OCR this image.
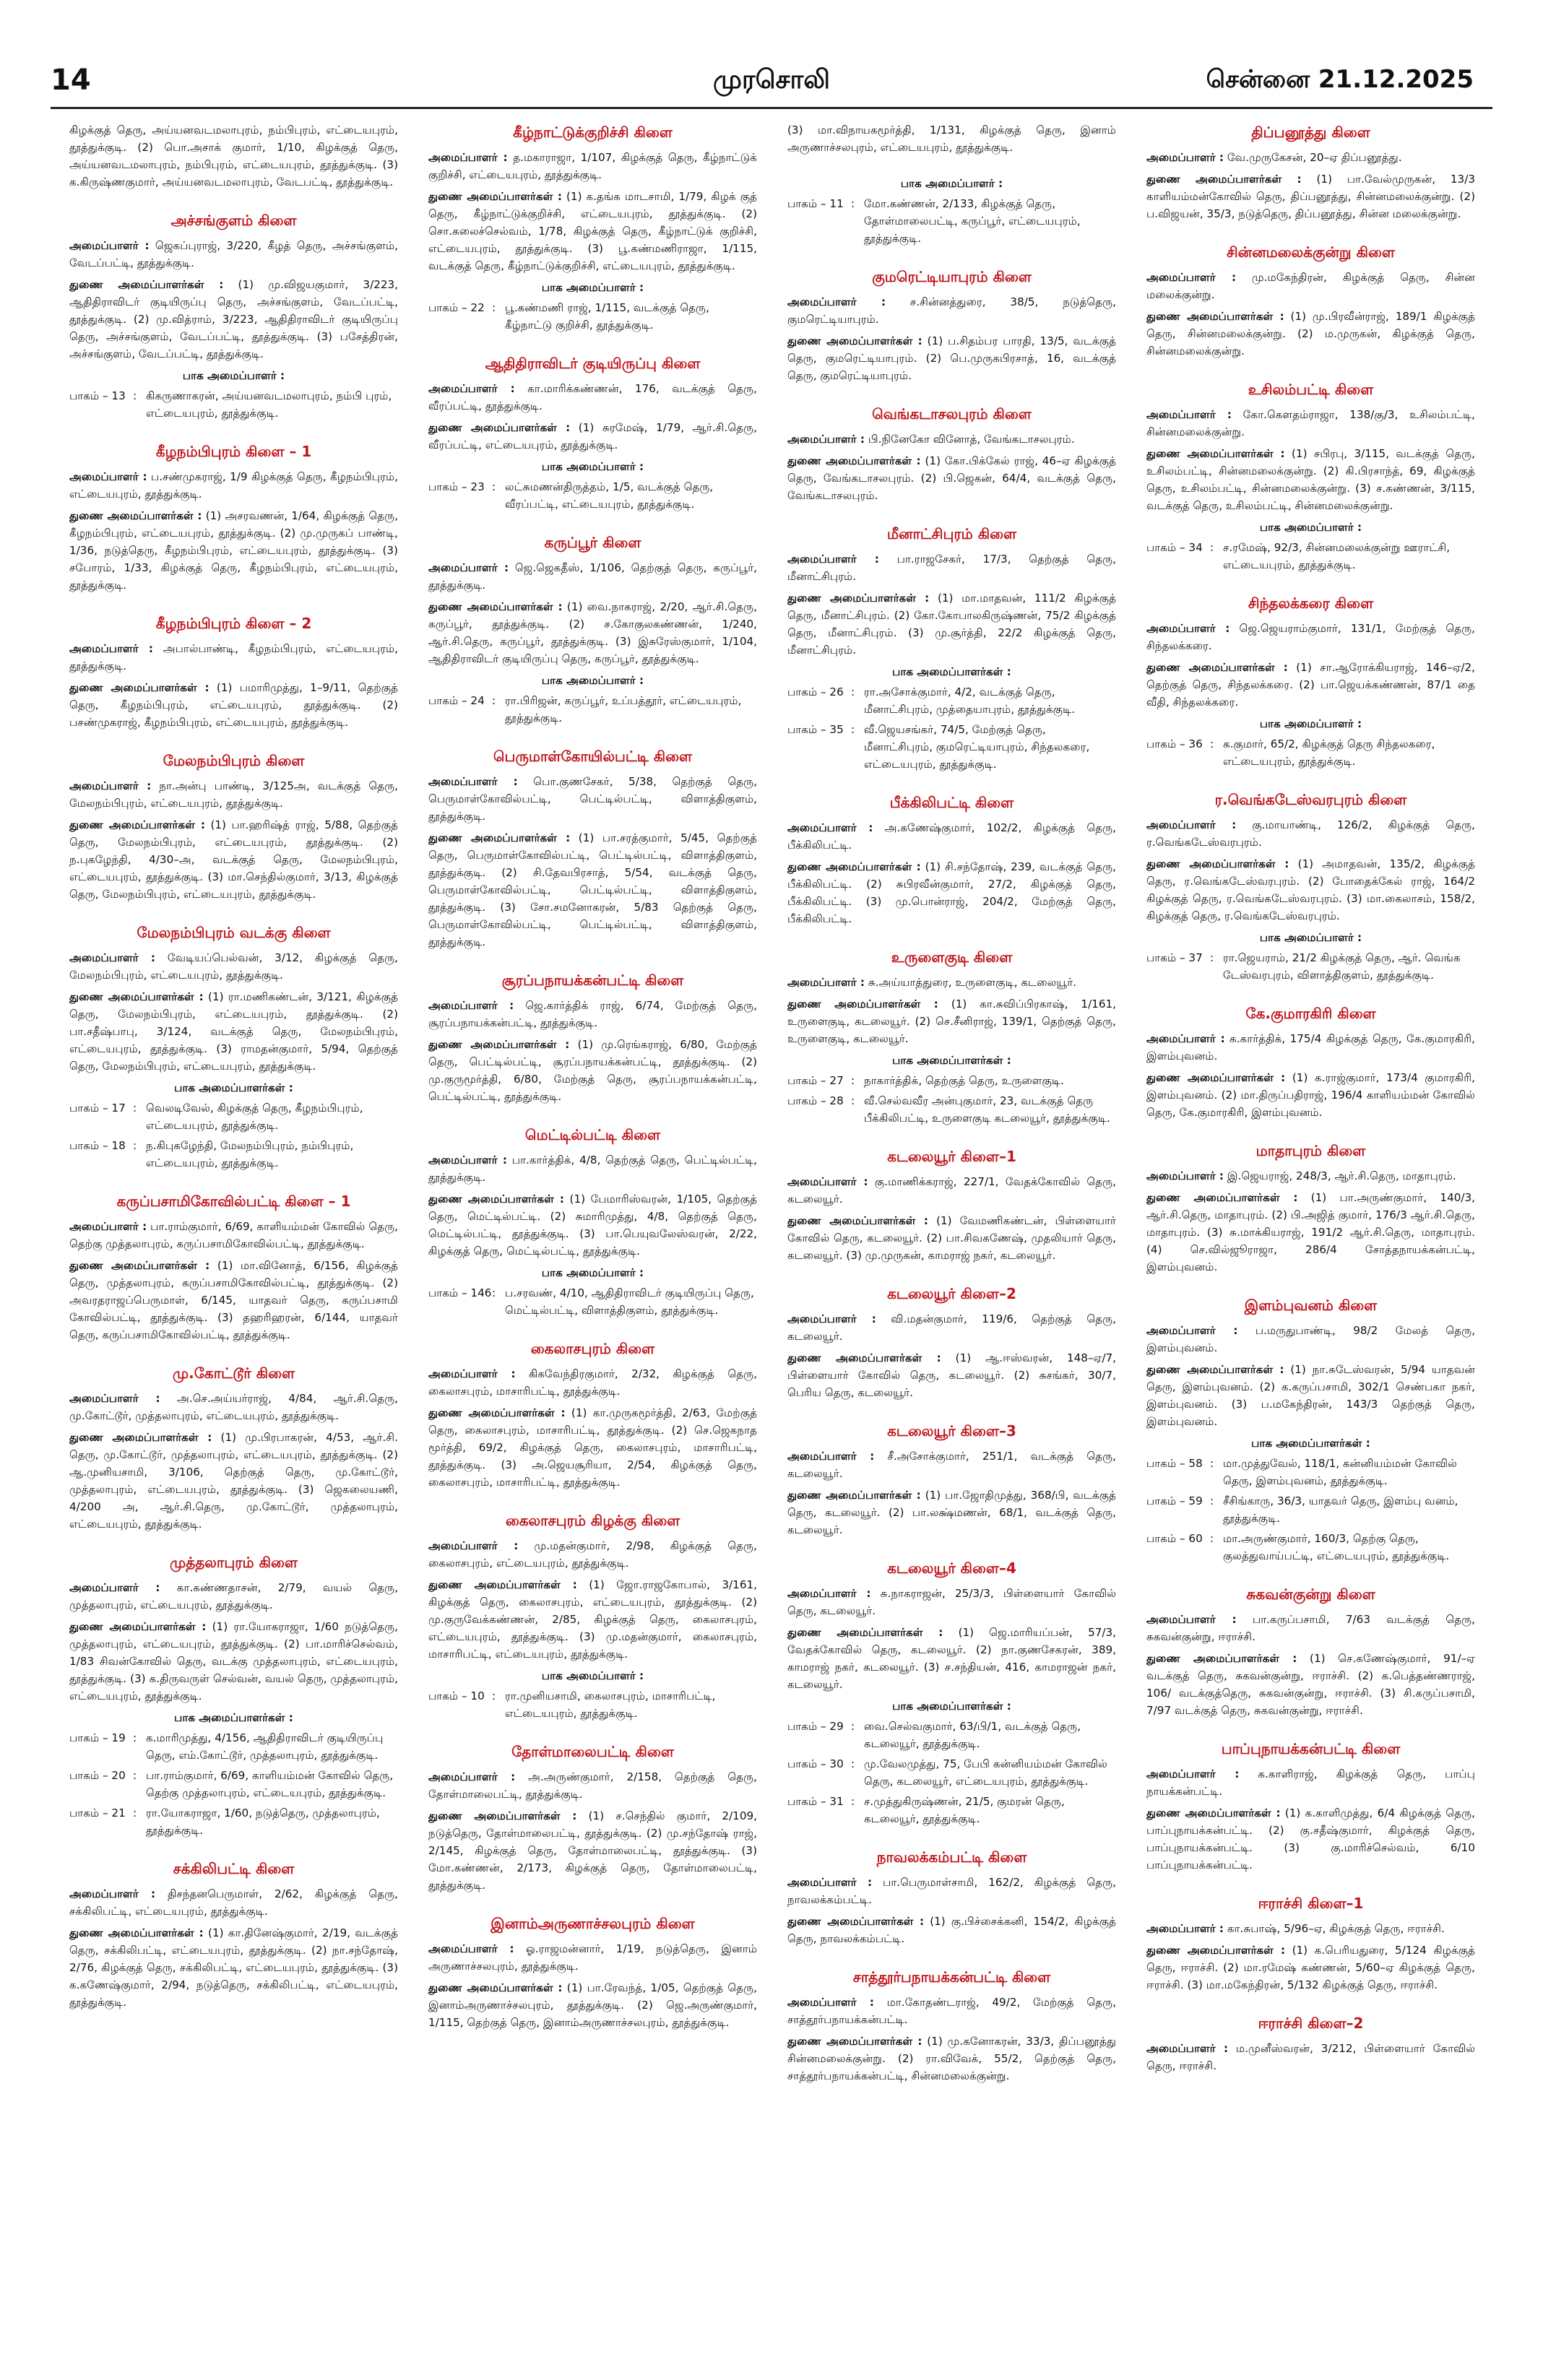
14	முரசொலி	சென்னை 21.12.2025

கிழக்குத் தெரு, அய்யனவடமலாபுரம், நம்பிபுரம், எட்டையபுரம், தூத்துக்குடி. (2) பொ.அசாக் குமார், 1/10, கிழக்குத் தெரு, அய்யனவடமலாபுரம், நம்பிபுரம், எட்டையபுரம், தூத்துக்குடி. (3) க.கிருஷ்ணகுமார், அய்யனவடமலாபுரம், வேடபட்டி, தூத்துக்குடி.

அச்சங்குளம் கிளை

அமைப்பாளர் : ஜெகப்புராஜ், 3/220, கீழத் தெரு, அச்சங்குளம், வேடப்பட்டி, தூத்துக்குடி.

துணை அமைப்பாளர்கள் : (1) மு.விஜயகுமார், 3/223, ஆதிதிராவிடர் குடியிருப்பு தெரு, அச்சங்குளம், வேடப்பட்டி, தூத்துக்குடி. (2) மு.வித்ராம், 3/223, ஆதிதிராவிடர் குடியிருப்பு தெரு, அச்சங்குளம், வேடப்பட்டி, தூத்துக்குடி. (3) பசேத்திரன், அச்சங்குளம், வேடப்பட்டி, தூத்துக்குடி.

பாக அமைப்பாளர் :
பாகம் – 13 : கிகருணாகரன், அய்யனவடமலாபுரம், நம்பி புரம், எட்டையபுரம், தூத்துக்குடி.
கீழநம்பிபுரம் கிளை – 1

அமைப்பாளர் : ப.சண்முகராஜ், 1/9 கிழக்குத் தெரு, கீழநம்பிபுரம், எட்டையபுரம், தூத்துக்குடி.

துணை அமைப்பாளர்கள் : (1) அசரவணன், 1/64, கிழக்குத் தெரு, கீழநம்பிபுரம், எட்டையபுரம், தூத்துக்குடி. (2) மு.முருகப் பாண்டி, 1/36, நடுத்தெரு, கீழநம்பிபுரம், எட்டையபுரம், தூத்துக்குடி. (3) சபோரம், 1/33, கிழக்குத் தெரு, கீழநம்பிபுரம், எட்டையபுரம், தூத்துக்குடி.

கீழநம்பிபுரம் கிளை – 2

அமைப்பாளர் : அபால்பாண்டி, கீழநம்பிபுரம், எட்டையபுரம், தூத்துக்குடி.

துணை அமைப்பாளர்கள் : (1) பமாரிமுத்து, 1–9/11, தெற்குத் தெரு, கீழநம்பிபுரம், எட்டையபுரம், தூத்துக்குடி. (2) பசண்முகராஜ், கீழநம்பிபுரம், எட்டையபுரம், தூத்துக்குடி.

மேலநம்பிபுரம் கிளை

அமைப்பாளர் : நா.அன்பு பாண்டி, 3/125அ, வடக்குத் தெரு, மேலநம்பிபுரம், எட்டையபுரம், தூத்துக்குடி.

துணை அமைப்பாளர்கள் : (1) பா.ஹரிஷ்த் ராஜ், 5/88, தெற்குத் தெரு, மேலநம்பிபுரம், எட்டையபுரம், தூத்துக்குடி. (2) ந.புகழேந்தி, 4/30–அ, வடக்குத் தெரு, மேலநம்பிபுரம், எட்டையபுரம், தூத்துக்குடி. (3) மா.செந்தில்குமார், 3/13, கிழக்குத் தெரு, மேலநம்பிபுரம், எட்டையபுரம், தூத்துக்குடி.

மேலநம்பிபுரம் வடக்கு கிளை

அமைப்பாளர் : வேடியப்பெல்வன், 3/12, கிழக்குத் தெரு, மேலநம்பிபுரம், எட்டையபுரம், தூத்துக்குடி.

துணை அமைப்பாளர்கள் : (1) ரா.மணிகண்டன், 3/121, கிழக்குத் தெரு, மேலநம்பிபுரம், எட்டையபுரம், தூத்துக்குடி. (2) பா.சதீஷ்பாபு, 3/124, வடக்குத் தெரு, மேலநம்பிபுரம், எட்டையபுரம், தூத்துக்குடி. (3) ராமதன்குமார், 5/94, தெற்குத் தெரு, மேலநம்பிபுரம், எட்டையபுரம், தூத்துக்குடி.

பாக அமைப்பாளர்கள் :
பாகம் – 17 : வெலடிவேல், கிழக்குத் தெரு, கீழநம்பிபுரம், எட்டையபுரம், தூத்துக்குடி.
பாகம் – 18 : ந.கிபுகழேந்தி, மேலநம்பிபுரம், நம்பிபுரம், எட்டையபுரம், தூத்துக்குடி.
கருப்பசாமிகோவில்பட்டி கிளை – 1

அமைப்பாளர் : பா.ராம்குமார், 6/69, காளியம்மன் கோவில் தெரு, தெற்கு முத்தலாபுரம், கருப்பசாமிகோவில்பட்டி, தூத்துக்குடி.

துணை அமைப்பாளர்கள் : (1) மா.வினோத், 6/156, கிழக்குத் தெரு, முத்தலாபுரம், கருப்பசாமிகோவில்பட்டி, தூத்துக்குடி. (2) அவரதராஜப்பெருமாள், 6/145, யாதவர் தெரு, கருப்பசாமி கோவில்பட்டி, தூத்துக்குடி. (3) தஹரிஹரன், 6/144, யாதவர் தெரு, கருப்பசாமிகோவில்பட்டி, தூத்துக்குடி.

மு.கோட்டூர் கிளை

அமைப்பாளர் : அ.செ.அய்யர்ராஜ், 4/84, ஆர்.சி.தெரு, மு.கோட்டூர், முத்தலாபுரம், எட்டையபுரம், தூத்துக்குடி.

துணை அமைப்பாளர்கள் : (1) மு.பிரபாகரன், 4/53, ஆர்.சி. தெரு, மு.கோட்டூர், முத்தலாபுரம், எட்டையபுரம், தூத்துக்குடி. (2) ஆ.முனியசாமி, 3/106, தெற்குத் தெரு, மு.கோட்டூர், முத்தலாபுரம், எட்டையபுரம், தூத்துக்குடி. (3) ஜெகலையணி, 4/200 அ, ஆர்.சி.தெரு, மு.கோட்டூர், முத்தலாபுரம், எட்டையபுரம், தூத்துக்குடி.

முத்தலாபுரம் கிளை

அமைப்பாளர் : கா.கண்ணதாசன், 2/79, வயல் தெரு, முத்தலாபுரம், எட்டையபுரம், தூத்துக்குடி.

துணை அமைப்பாளர்கள் : (1) ரா.யோகராஜா, 1/60 நடுத்தெரு, முத்தலாபுரம், எட்டையபுரம், தூத்துக்குடி. (2) பா.மாரிச்செல்வம், 1/83 சிவன்கோவில் தெரு, வடக்கு முத்தலாபுரம், எட்டையபுரம், தூத்துக்குடி. (3) க.திருவருள் செல்வன், வயல் தெரு, முத்தலாபுரம், எட்டையபுரம், தூத்துக்குடி.

பாக அமைப்பாளர்கள் :
பாகம் – 19 : க.மாரிமுத்து, 4/156, ஆதிதிராவிடர் குடியிருப்பு தெரு, எம்.கோட்டூர், முத்தலாபுரம், தூத்துக்குடி.
பாகம் – 20 : பா.ராம்குமார், 6/69, காளியம்மன் கோவில் தெரு, தெற்கு முத்தலாபுரம், எட்டையபுரம், தூத்துக்குடி.
பாகம் – 21 : ரா.யோகராஜா, 1/60, நடுத்தெரு, முத்தலாபுரம், தூத்துக்குடி.
சக்கிலிபட்டி கிளை

அமைப்பாளர் : திசந்தனபெருமாள், 2/62, கிழக்குத் தெரு, சக்கிலிபட்டி, எட்டையபுரம், தூத்துக்குடி.

துணை அமைப்பாளர்கள் : (1) கா.தினேஷ்குமார், 2/19, வடக்குத் தெரு, சக்கிலிபட்டி, எட்டையபுரம், தூத்துக்குடி. (2) நா.சந்தோஷ், 2/76, கிழக்குத் தெரு, சக்கிலிபட்டி, எட்டையபுரம், தூத்துக்குடி. (3) க.கணேஷ்குமார், 2/94, நடுத்தெரு, சக்கிலிபட்டி, எட்டையபுரம், தூத்துக்குடி.

கீழ்நாட்டுக்குறிச்சி கிளை

அமைப்பாளர் : த.மகாராஜா, 1/107, கிழக்குத் தெரு, கீழ்நாட்டுக் குறிச்சி, எட்டையபுரம், தூத்துக்குடி.

துணை அமைப்பாளர்கள் : (1) க.தங்க மாடசாமி, 1/79, கிழக் குத் தெரு, கீழ்நாட்டுக்குறிச்சி, எட்டையபுரம், தூத்துக்குடி. (2) சொ.கலைச்செல்வம், 1/78, கிழக்குத் தெரு, கீழ்நாட்டுக் குறிச்சி, எட்டையபுரம், தூத்துக்குடி. (3) பூ.கண்மணிராஜா, 1/115, வடக்குத் தெரு, கீழ்நாட்டுக்குறிச்சி, எட்டையபுரம், தூத்துக்குடி.

பாக அமைப்பாளர் :
பாகம் – 22 : பூ.கண்மணி ராஜ், 1/115, வடக்குத் தெரு, கீழ்நாட்டு குறிச்சி, தூத்துக்குடி.
ஆதிதிராவிடர் குடியிருப்பு கிளை

அமைப்பாளர் : கா.மாரிக்கண்ணன், 176, வடக்குத் தெரு, வீரப்பட்டி, தூத்துக்குடி.

துணை அமைப்பாளர்கள் : (1) சுரமேஷ், 1/79, ஆர்.சி.தெரு, வீரப்பட்டி, எட்டையபுரம், தூத்துக்குடி.

பாக அமைப்பாளர் :
பாகம் – 23 : லட்சுமணன்திருத்தம், 1/5, வடக்குத் தெரு, வீரப்பட்டி, எட்டையபுரம், தூத்துக்குடி.
கருப்பூர் கிளை

அமைப்பாளர் : ஜெ.ஜெகதீஸ், 1/106, தெற்குத் தெரு, கருப்பூர், தூத்துக்குடி.

துணை அமைப்பாளர்கள் : (1) வை.நாகராஜ், 2/20, ஆர்.சி.தெரு, கருப்பூர், தூத்துக்குடி. (2) ச.கோகுலகண்ணன், 1/240, ஆர்.சி.தெரு, கருப்பூர், தூத்துக்குடி. (3) இசுரேஸ்குமார், 1/104, ஆதிதிராவிடர் குடியிருப்பு தெரு, கருப்பூர், தூத்துக்குடி.

பாக அமைப்பாளர் :
பாகம் – 24 : ரா.பிரிஜன், கருப்பூர், உப்பத்தூர், எட்டையபுரம், தூத்துக்குடி.
பெருமாள்கோயில்பட்டி கிளை

அமைப்பாளர் : பொ.குணசேகர், 5/38, தெற்குத் தெரு, பெருமாள்கோவில்பட்டி, பெட்டில்பட்டி, விளாத்திகுளம், தூத்துக்குடி.

துணை அமைப்பாளர்கள் : (1) பா.சரத்குமார், 5/45, தெற்குத் தெரு, பெருமாள்கோவில்பட்டி, பெட்டில்பட்டி, விளாத்திகுளம், தூத்துக்குடி. (2) சி.தேவபிரசாத், 5/54, வடக்குத் தெரு, பெருமாள்கோவில்பட்டி, பெட்டில்பட்டி, விளாத்திகுளம், தூத்துக்குடி. (3) சோ.சமனோகரன், 5/83 தெற்குத் தெரு, பெருமாள்கோவில்பட்டி, பெட்டில்பட்டி, விளாத்திகுளம், தூத்துக்குடி.

சூரப்பநாயக்கன்பட்டி கிளை

அமைப்பாளர் : ஜெ.கார்த்திக் ராஜ், 6/74, மேற்குத் தெரு, சூரப்பநாயக்கன்பட்டி, தூத்துக்குடி.

துணை அமைப்பாளர்கள் : (1) மு.ரெங்கராஜ், 6/80, மேற்குத் தெரு, பெட்டில்பட்டி, சூரப்பநாயக்கன்பட்டி, தூத்துக்குடி. (2) மு.குருமூர்த்தி, 6/80, மேற்குத் தெரு, சூரப்பநாயக்கன்பட்டி, பெட்டில்பட்டி, தூத்துக்குடி.

மெட்டில்பட்டி கிளை

அமைப்பாளர் : பா.கார்த்திக், 4/8, தெற்குத் தெரு, பெட்டில்பட்டி, தூத்துக்குடி.

துணை அமைப்பாளர்கள் : (1) பேமாரிஸ்வரன், 1/105, தெற்குத் தெரு, மெட்டில்பட்டி. (2) சுமாரிமுத்து, 4/8, தெற்குத் தெரு, மெட்டில்பட்டி, தூத்துக்குடி. (3) பா.பெயுவலேஸ்வரன், 2/22, கிழக்குத் தெரு, மெட்டில்பட்டி, தூத்துக்குடி.

பாக அமைப்பாளர் :
பாகம் – 146 : ப.சரவண், 4/10, ஆதிதிராவிடர் குடியிருப்பு தெரு, மெட்டில்பட்டி, விளாத்திகுளம், தூத்துக்குடி.
கைலாசபுரம் கிளை

அமைப்பாளர் : கிகவேந்திரகுமார், 2/32, கிழக்குத் தெரு, கைலாசபுரம், மாசாரிபட்டி, தூத்துக்குடி.

துணை அமைப்பாளர்கள் : (1) கா.முருகமூர்த்தி, 2/63, மேற்குத் தெரு, கைலாசபுரம், மாசாரிபட்டி, தூத்துக்குடி. (2) செ.ஜெகநாத மூர்த்தி, 69/2, கிழக்குத் தெரு, கைலாசபுரம், மாசாரிபட்டி, தூத்துக்குடி. (3) அ.ஜெயசூரியா, 2/54, கிழக்குத் தெரு, கைலாசபுரம், மாசாரிபட்டி, தூத்துக்குடி.

கைலாசபுரம் கிழக்கு கிளை

அமைப்பாளர் : மு.மதன்குமார், 2/98, கிழக்குத் தெரு, கைலாசபுரம், எட்டையபுரம், தூத்துக்குடி.

துணை அமைப்பாளர்கள் : (1) ஜோ.ராஜகோபால், 3/161, கிழக்குத் தெரு, கைலாசபுரம், எட்டையபுரம், தூத்துக்குடி. (2) மு.குருவேக்கண்ணன், 2/85, கிழக்குத் தெரு, கைலாசபுரம், எட்டையபுரம், தூத்துக்குடி. (3) மு.மதன்குமார், கைலாசபுரம், மாசாரிபட்டி, எட்டையபுரம், தூத்துக்குடி.

பாக அமைப்பாளர் :
பாகம் – 10 : ரா.முனியசாமி, கைலாசபுரம், மாசாரிபட்டி, எட்டையபுரம், தூத்துக்குடி.
தோள்மாலைபட்டி கிளை

அமைப்பாளர் : அ.அருண்குமார், 2/158, தெற்குத் தெரு, தோள்மாலைபட்டி, தூத்துக்குடி.

துணை அமைப்பாளர்கள் : (1) ச.செந்தில் குமார், 2/109, நடுத்தெரு, தோள்மாலைபட்டி, தூத்துக்குடி. (2) மு.சந்தோஷ் ராஜ், 2/145, கிழக்குத் தெரு, தோள்மாலைபட்டி, தூத்துக்குடி. (3) மோ.கண்ணன், 2/173, கிழக்குத் தெரு, தோள்மாலைபட்டி, தூத்துக்குடி.

இனாம்அருணாச்சலபுரம் கிளை

அமைப்பாளர் : ஓ.ராஜமன்னார், 1/19, நடுத்தெரு, இனாம் அருணாச்சலபுரம், தூத்துக்குடி.

துணை அமைப்பாளர்கள் : (1) பா.ரேவந்த், 1/05, தெற்குத் தெரு, இனாம்அருணாச்சலபுரம், தூத்துக்குடி. (2) ஜெ.அருண்குமார், 1/115, தெற்குத் தெரு, இனாம்அருணாச்சலபுரம், தூத்துக்குடி.

(3) மா.விநாயகமூர்த்தி, 1/131, கிழக்குத் தெரு, இனாம் அருணாச்சலபுரம், எட்டையபுரம், தூத்துக்குடி.

பாக அமைப்பாளர் :
பாகம் – 11 : மோ.கண்ணன், 2/133, கிழக்குத் தெரு, தோள்மாலைபட்டி, கருப்பூர், எட்டையபுரம், தூத்துக்குடி.
குமரெட்டியாபுரம் கிளை

அமைப்பாளர் : ச.சின்னத்துரை, 38/5, நடுத்தெரு, குமரெட்டியாபுரம்.

துணை அமைப்பாளர்கள் : (1) ப.சிதம்பர பாரதி, 13/5, வடக்குத் தெரு, குமரெட்டியாபுரம். (2) பெ.முருகபிரசாத், 16, வடக்குத் தெரு, குமரெட்டியாபுரம்.

வெங்கடாசலபுரம் கிளை

அமைப்பாளர் : பி.நினேகோ வினோத், வேங்கடாசலபுரம்.

துணை அமைப்பாளர்கள் : (1) கோ.பிக்கேல் ராஜ், 46–ஏ கிழக்குத் தெரு, வேங்கடாசலபுரம். (2) பி.ஜெகன், 64/4, வடக்குத் தெரு, வேங்கடாசலபுரம்.

மீனாட்சிபுரம் கிளை

அமைப்பாளர் : பா.ராஜசேகர், 17/3, தெற்குத் தெரு, மீனாட்சிபுரம்.

துணை அமைப்பாளர்கள் : (1) மா.மாதவன், 111/2 கிழக்குத் தெரு, மீனாட்சிபுரம். (2) கோ.கோபாலகிருஷ்ணன், 75/2 கிழக்குத் தெரு, மீனாட்சிபுரம். (3) மு.சூர்த்தி, 22/2 கிழக்குத் தெரு, மீனாட்சிபுரம்.

பாக அமைப்பாளர்கள் :
பாகம் – 26 : ரா.அசோக்குமார், 4/2, வடக்குத் தெரு, மீனாட்சிபுரம், முத்தையாபுரம், தூத்துக்குடி.
பாகம் – 35 : வீ.ஜெயசங்கர், 74/5, மேற்குத் தெரு, மீனாட்சிபுரம், குமரெட்டியாபுரம், சிந்தலகரை, எட்டையபுரம், தூத்துக்குடி.
பீக்கிலிபட்டி கிளை

அமைப்பாளர் : அ.கணேஷ்குமார், 102/2, கிழக்குத் தெரு, பீக்கிலிபட்டி.

துணை அமைப்பாளர்கள் : (1) சி.சந்தோஷ், 239, வடக்குத் தெரு, பீக்கிலிபட்டி. (2) சுபிரவீன்குமார், 27/2, கிழக்குத் தெரு, பீக்கிலிபட்டி. (3) மு.பொன்ராஜ், 204/2, மேற்குத் தெரு, பீக்கிலிபட்டி.

உருளைகுடி கிளை

அமைப்பாளர் : சு.அய்யாத்துரை, உருளைகுடி, கடலையூர்.

துணை அமைப்பாளர்கள் : (1) கா.சுவிப்பிரகாஷ், 1/161, உருளைகுடி, கடலையூர். (2) செ.சீனிராஜ், 139/1, தெற்குத் தெரு, உருளைகுடி, கடலையூர்.

பாக அமைப்பாளர்கள் :
பாகம் – 27 : நாகார்த்திக், தெற்குத் தெரு, உருளைகுடி.
பாகம் – 28 : வீ.செல்வவீர அன்புகுமார், 23, வடக்குத் தெரு பீக்கிலிபட்டி, உருளைகுடி கடலையூர், தூத்துக்குடி.
கடலையூர் கிளை–1

அமைப்பாளர் : கு.மாணிக்கராஜ், 227/1, வேதக்கோவில் தெரு, கடலையூர்.

துணை அமைப்பாளர்கள் : (1) வேமணிகண்டன், பிள்ளையார் கோவில் தெரு, கடலையூர். (2) பா.சிவகணேஷ், முதலியார் தெரு, கடலையூர். (3) மு.முருகன், காமராஜ் நகர், கடலையூர்.

கடலையூர் கிளை–2

அமைப்பாளர் : வி.மதன்குமார், 119/6, தெற்குத் தெரு, கடலையூர்.

துணை அமைப்பாளர்கள் : (1) ஆ.ஈஸ்வரன், 148–ஏ/7, பிள்ளையார் கோவில் தெரு, கடலையூர். (2) சுசங்கர், 30/7, பெரிய தெரு, கடலையூர்.

கடலையூர் கிளை–3

அமைப்பாளர் : சீ.அசோக்குமார், 251/1, வடக்குத் தெரு, கடலையூர்.

துணை அமைப்பாளர்கள் : (1) பா.ஜோதிமுத்து, 368/பி, வடக்குத் தெரு, கடலையூர். (2) பா.லக்ஷ்மணன், 68/1, வடக்குத் தெரு, கடலையூர்.

கடலையூர் கிளை–4

அமைப்பாளர் : சு.நாகராஜன், 25/3/3, பிள்ளையார் கோவில் தெரு, கடலையூர்.

துணை அமைப்பாளர்கள் : (1) ஜெ.மாரியப்பன், 57/3, வேதக்கோவில் தெரு, கடலையூர். (2) நா.குணசேகரன், 389, காமராஜ் நகர், கடலையூர். (3) ச.சந்தியன், 416, காமராஜன் நகர், கடலையூர்.

பாக அமைப்பாளர்கள் :
பாகம் – 29 : வை.செல்வகுமார், 63/பி/1, வடக்குத் தெரு, கடலையூர், தூத்துக்குடி.
பாகம் – 30 : மு.வேலமுத்து, 75, பேபி கன்னியம்மன் கோவில் தெரு, கடலையூர், எட்டையபுரம், தூத்துக்குடி.
பாகம் – 31 : ச.முத்துகிருஷ்ணன், 21/5, குமரன் தெரு, கடலையூர், தூத்துக்குடி.
நாவலக்கம்பட்டி கிளை

அமைப்பாளர் : பா.பெருமாள்சாமி, 162/2, கிழக்குத் தெரு, நாவலக்கம்பட்டி.

துணை அமைப்பாளர்கள் : (1) கு.பிச்சைக்கனி, 154/2, கிழக்குத் தெரு, நாவலக்கம்பட்டி.

சாத்தூர்பநாயக்கன்பட்டி கிளை

அமைப்பாளர் : மா.கோதண்டராஜ், 49/2, மேற்குத் தெரு, சாத்தூர்பநாயக்கன்பட்டி.

துணை அமைப்பாளர்கள் : (1) மு.கனோகரன், 33/3, திப்பனூத்து சின்னமலைக்குன்று. (2) ரா.விவேக், 55/2, தெற்குத் தெரு, சாத்தூர்பநாயக்கன்பட்டி, சின்னமலைக்குன்று.

திப்பனூத்து கிளை

அமைப்பாளர் : வே.முருகேசன், 20–ஏ திப்பனூத்து.

துணை அமைப்பாளர்கள் : (1) பா.வேல்முருகன், 13/3 காளியம்மன்கோவில் தெரு, திப்பனூத்து, சின்னமலைக்குன்று. (2) ப.விஜயன், 35/3, நடுத்தெரு, திப்பனூத்து, சின்ன மலைக்குன்று.

சின்னமலைக்குன்று கிளை

அமைப்பாளர் : மு.மகேந்திரன், கிழக்குத் தெரு, சின்ன மலைக்குன்று.

துணை அமைப்பாளர்கள் : (1) மு.பிரவீன்ராஜ், 189/1 கிழக்குத் தெரு, சின்னமலைக்குன்று. (2) ம.முருகன், கிழக்குத் தெரு, சின்னமலைக்குன்று.

உசிலம்பட்டி கிளை

அமைப்பாளர் : கோ.கௌதம்ராஜா, 138/கு/3, உசிலம்பட்டி, சின்னமலைக்குன்று.

துணை அமைப்பாளர்கள் : (1) சபிரபு, 3/115, வடக்குத் தெரு, உசிலம்பட்டி, சின்னமலைக்குன்று. (2) கி.பிரசாந்த், 69, கிழக்குத் தெரு, உசிலம்பட்டி, சின்னமலைக்குன்று. (3) ச.கண்ணன், 3/115, வடக்குத் தெரு, உசிலம்பட்டி, சின்னமலைக்குன்று.

பாக அமைப்பாளர் :
பாகம் – 34 : ச.ரமேஷ், 92/3, சின்னமலைக்குன்று ஊராட்சி, எட்டையபுரம், தூத்துக்குடி.
சிந்தலக்கரை கிளை

அமைப்பாளர் : ஜெ.ஜெயராம்குமார், 131/1, மேற்குத் தெரு, சிந்தலக்கரை.

துணை அமைப்பாளர்கள் : (1) சா.ஆரோக்கியராஜ், 146–ஏ/2, தெற்குத் தெரு, சிந்தலக்கரை. (2) பா.ஜெயக்கண்ணன், 87/1 தை வீதி, சிந்தலக்கரை.

பாக அமைப்பாளர் :
பாகம் – 36 : க.குமார், 65/2, கிழக்குத் தெரு சிந்தலகரை, எட்டையபுரம், தூத்துக்குடி.
ர.வெங்கடேஸ்வரபுரம் கிளை

அமைப்பாளர் : கு.மாயாண்டி, 126/2, கிழக்குத் தெரு, ர.வெங்கடேஸ்வரபுரம்.

துணை அமைப்பாளர்கள் : (1) அமாதவன், 135/2, கிழக்குத் தெரு, ர.வெங்கடேஸ்வரபுரம். (2) போதைக்கேல் ராஜ், 164/2 கிழக்குத் தெரு, ர.வெங்கடேஸ்வரபுரம். (3) மா.கைலாசம், 158/2, கிழக்குத் தெரு, ர.வெங்கடேஸ்வரபுரம்.

பாக அமைப்பாளர் :
பாகம் – 37 : ரா.ஜெயராம், 21/2 கிழக்குத் தெரு, ஆர். வெங்க டேஸ்வரபுரம், விளாத்திகுளம், தூத்துக்குடி.
கே.குமாரகிரி கிளை

அமைப்பாளர் : க.கார்த்திக், 175/4 கிழக்குத் தெரு, கே.குமாரகிரி, இளம்புவனம்.

துணை அமைப்பாளர்கள் : (1) க.ராஜ்குமார், 173/4 குமாரகிரி, இளம்புவனம். (2) மா.திருப்பதிராஜ், 196/4 காளியம்மன் கோவில் தெரு, கே.குமாரகிரி, இளம்புவனம்.

மாதாபுரம் கிளை

அமைப்பாளர் : இ.ஜெயராஜ், 248/3, ஆர்.சி.தெரு, மாதாபுரம்.

துணை அமைப்பாளர்கள் : (1) பா.அருண்குமார், 140/3, ஆர்.சி.தெரு, மாதாபுரம். (2) பி.அஜித் குமார், 176/3 ஆர்.சி.தெரு, மாதாபுரம். (3) சு.மாக்கியராஜ், 191/2 ஆர்.சி.தெரு, மாதாபுரம். (4) செ.வில்ஜூராஜா, 286/4 சோத்தநாயக்கன்பட்டி, இளம்புவனம்.

இளம்புவனம் கிளை

அமைப்பாளர் : ப.மருதுபாண்டி, 98/2 மேலத் தெரு, இளம்புவனம்.

துணை அமைப்பாளர்கள் : (1) நா.சுடேஸ்வரன், 5/94 யாதவன் தெரு, இளம்புவனம். (2) க.கருப்பசாமி, 302/1 செண்பகா நகர், இளம்புவனம். (3) ப.மகேந்திரன், 143/3 தெற்குத் தெரு, இளம்புவனம்.

பாக அமைப்பாளர்கள் :
பாகம் – 58 : மா.முத்துவேல், 118/1, கன்னியம்மன் கோவில் தெரு, இளம்புவனம், தூத்துக்குடி.
பாகம் – 59 : சீசிங்காரு, 36/3, யாதவர் தெரு, இளம்பு வனம், தூத்துக்குடி.
பாகம் – 60 : மா.அருண்குமார், 160/3, தெற்கு தெரு, குலத்துவாய்பட்டி, எட்டையபுரம், தூத்துக்குடி.
சுகவன்குன்று கிளை

அமைப்பாளர் : பா.கருப்பசாமி, 7/63 வடக்குத் தெரு, சுகவன்குன்று, ஈராச்சி.

துணை அமைப்பாளர்கள் : (1) செ.கணேஷ்குமார், 91/–ஏ வடக்குத் தெரு, சுகவன்குன்று, ஈராச்சி. (2) க.பெத்தண்ணராஜ், 106/ வடக்குத்தெரு, சுகவன்குன்று, ஈராச்சி. (3) சி.கருப்பசாமி, 7/97 வடக்குத் தெரு, சுகவன்குன்று, ஈராச்சி.

பாப்புநாயக்கன்பட்டி கிளை

அமைப்பாளர் : க.காளிராஜ், கிழக்குத் தெரு, பாப்பு நாயக்கன்பட்டி.

துணை அமைப்பாளர்கள் : (1) க.காளிமுத்து, 6/4 கிழக்குத் தெரு, பாப்புநாயக்கன்பட்டி. (2) கு.சதீஷ்குமார், கிழக்குத் தெரு, பாப்புநாயக்கன்பட்டி. (3) கு.மாரிச்செல்வம், 6/10 பாப்புநாயக்கன்பட்டி.

ஈராச்சி கிளை–1

அமைப்பாளர் : கா.சுபாஷ், 5/96–ஏ, கிழக்குத் தெரு, ஈராச்சி.

துணை அமைப்பாளர்கள் : (1) க.பெரியதுரை, 5/124 கிழக்குத் தெரு, ஈராச்சி. (2) மா.ரமேஷ் கண்ணன், 5/60–ஏ கிழக்குத் தெரு, ஈராச்சி. (3) மா.மகேந்திரன், 5/132 கிழக்குத் தெரு, ஈராச்சி.

ஈராச்சி கிளை–2

அமைப்பாளர் : ம.முனீஸ்வரன், 3/212, பிள்ளையார் கோவில் தெரு, ஈராச்சி.
